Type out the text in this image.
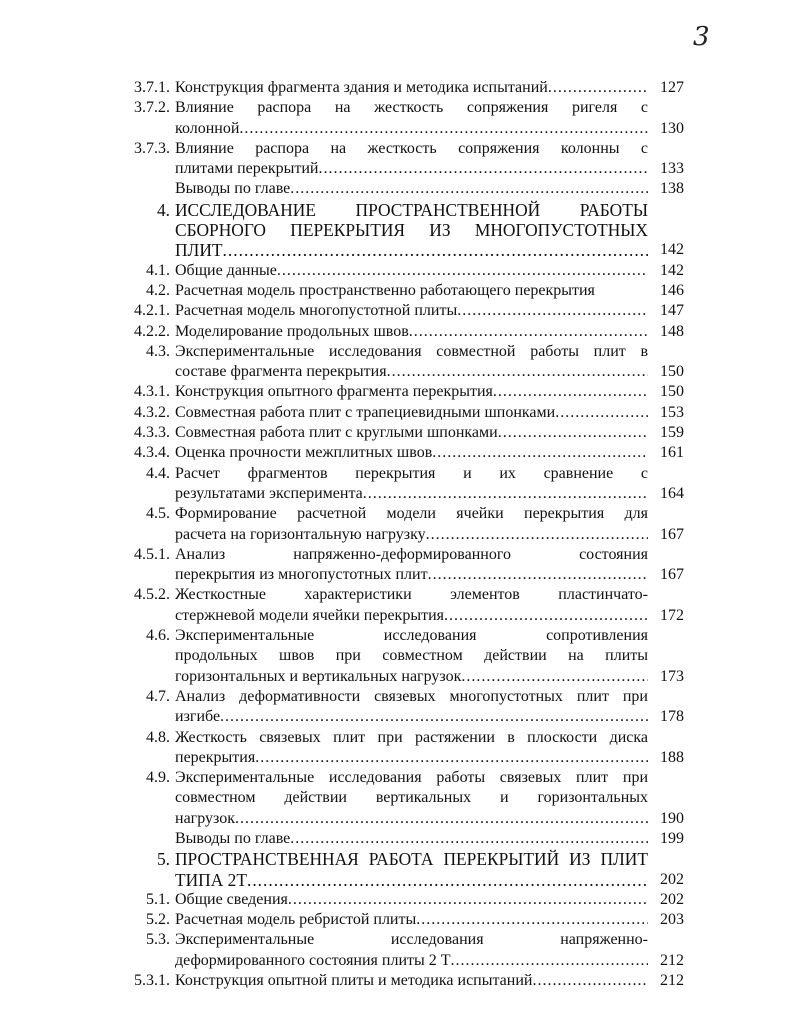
3
3.7.1. Конструкция фрагмента здания и методика испытаний .....	127
3.7.2. Влияние распора на жесткость сопряжения ригеля с
колонной .....	130
3.7.3. Влияние распора на жесткость сопряжения колонны с
плитами перекрытий .....	133
Выводы по главе .....	138
4. ИССЛЕДОВАНИЕ ПРОСТРАНСТВЕННОЙ РАБОТЫ
СБОРНОГО ПЕРЕКРЫТИЯ ИЗ МНОГОПУСТОТНЫХ
ПЛИТ .....	142
4.1. Общие данные .....	142
4.2. Расчетная модель пространственно работающего перекрытия	146
4.2.1. Расчетная модель многопустотной плиты .....	147
4.2.2. Моделирование продольных швов .....	148
4.3. Экспериментальные исследования совместной работы плит в
составе фрагмента перекрытия .....	150
4.3.1. Конструкция опытного фрагмента перекрытия .....	150
4.3.2. Совместная работа плит с трапециевидными шпонками .....	153
4.3.3. Совместная работа плит с круглыми шпонками .....	159
4.3.4. Оценка прочности межплитных швов .....	161
4.4. Расчет фрагментов перекрытия и их сравнение с
результатами эксперимента .....	164
4.5. Формирование расчетной модели ячейки перекрытия для
расчета на горизонтальную нагрузку .....	167
4.5.1. Анализ напряженно-деформированного состояния
перекрытия из многопустотных плит .....	167
4.5.2. Жесткостные характеристики элементов пластинчато-
стержневой модели ячейки перекрытия .....	172
4.6. Экспериментальные исследования сопротивления
продольных швов при совместном действии на плиты
горизонтальных и вертикальных нагрузок .....	173
4.7. Анализ деформативности связевых многопустотных плит при
изгибе .....	178
4.8. Жесткость связевых плит при растяжении в плоскости диска
перекрытия .....	188
4.9. Экспериментальные исследования работы связевых плит при
совместном действии вертикальных и горизонтальных
нагрузок .....	190
Выводы по главе .....	199
5. ПРОСТРАНСТВЕННАЯ РАБОТА ПЕРЕКРЫТИЙ ИЗ ПЛИТ
ТИПА 2Т .....	202
5.1. Общие сведения .....	202
5.2. Расчетная модель ребристой плиты .....	203
5.3. Экспериментальные исследования напряженно-
деформированного состояния плиты 2 Т .....	212
5.3.1. Конструкция опытной плиты и методика испытаний .....	212
